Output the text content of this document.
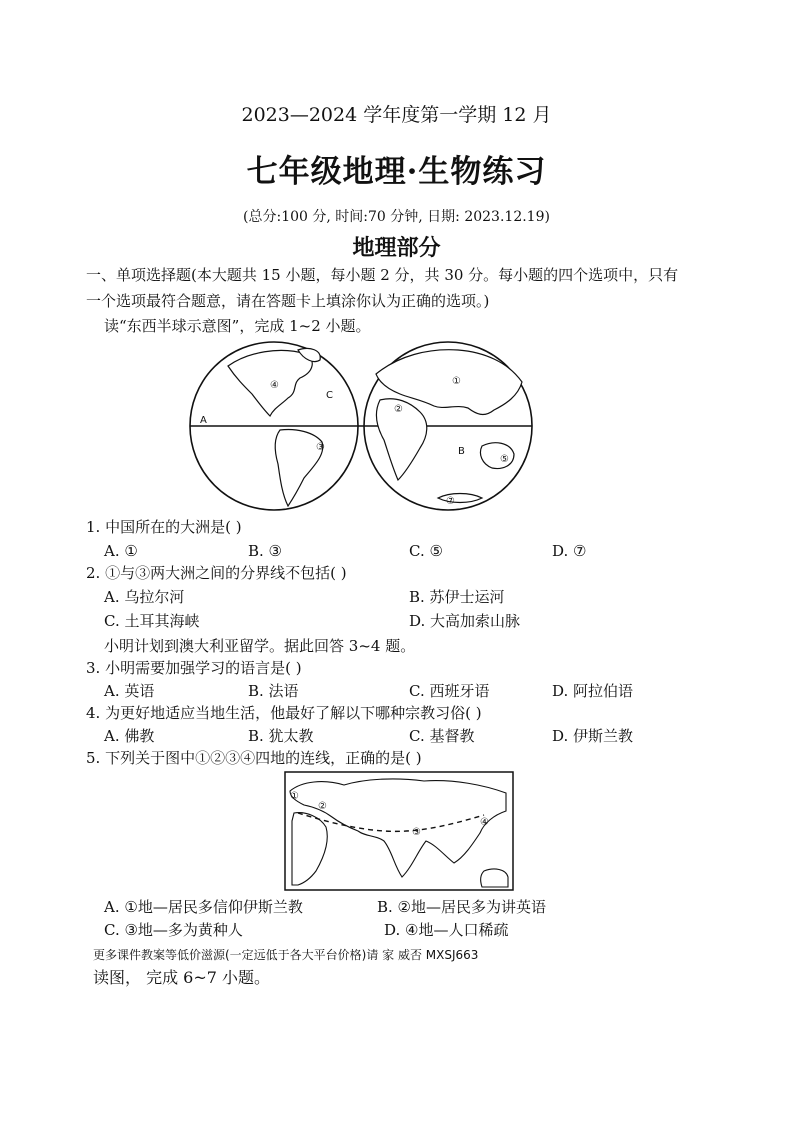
2023—2024 学年度第一学期 12 月
七年级地理·生物练习
(总分:100 分, 时间:70 分钟, 日期: 2023.12.19)
地理部分
一、单项选择题(本大题共 15 小题，每小题 2 分，共 30 分。每小题的四个选项中，只有
一个选项最符合题意，请在答题卡上填涂你认为正确的选项。)
读“东西半球示意图”，完成 1~2 小题。
A
C
B
①
②
③
④
⑤
⑦
1. 中国所在的大洲是( )
A. ①	B. ③	C. ⑤	D. ⑦
2. ①与③两大洲之间的分界线不包括( )
A. 乌拉尔河	B. 苏伊士运河
C. 土耳其海峡	D. 大高加索山脉
小明计划到澳大利亚留学。据此回答 3~4 题。
3. 小明需要加强学习的语言是( )
A. 英语	B. 法语	C. 西班牙语	D. 阿拉伯语
4. 为更好地适应当地生活，他最好了解以下哪种宗教习俗( )
A. 佛教	B. 犹太教	C. 基督教	D. 伊斯兰教
5. 下列关于图中①②③④四地的连线，正确的是( )
①
②
③
④
A. ①地—居民多信仰伊斯兰教	B. ②地—居民多为讲英语
C. ③地—多为黄种人	D. ④地—人口稀疏
更多课件教案等低价滋源(一定远低于各大平台价格)请 家 威否 MXSJ663
读图， 完成 6~7 小题。
